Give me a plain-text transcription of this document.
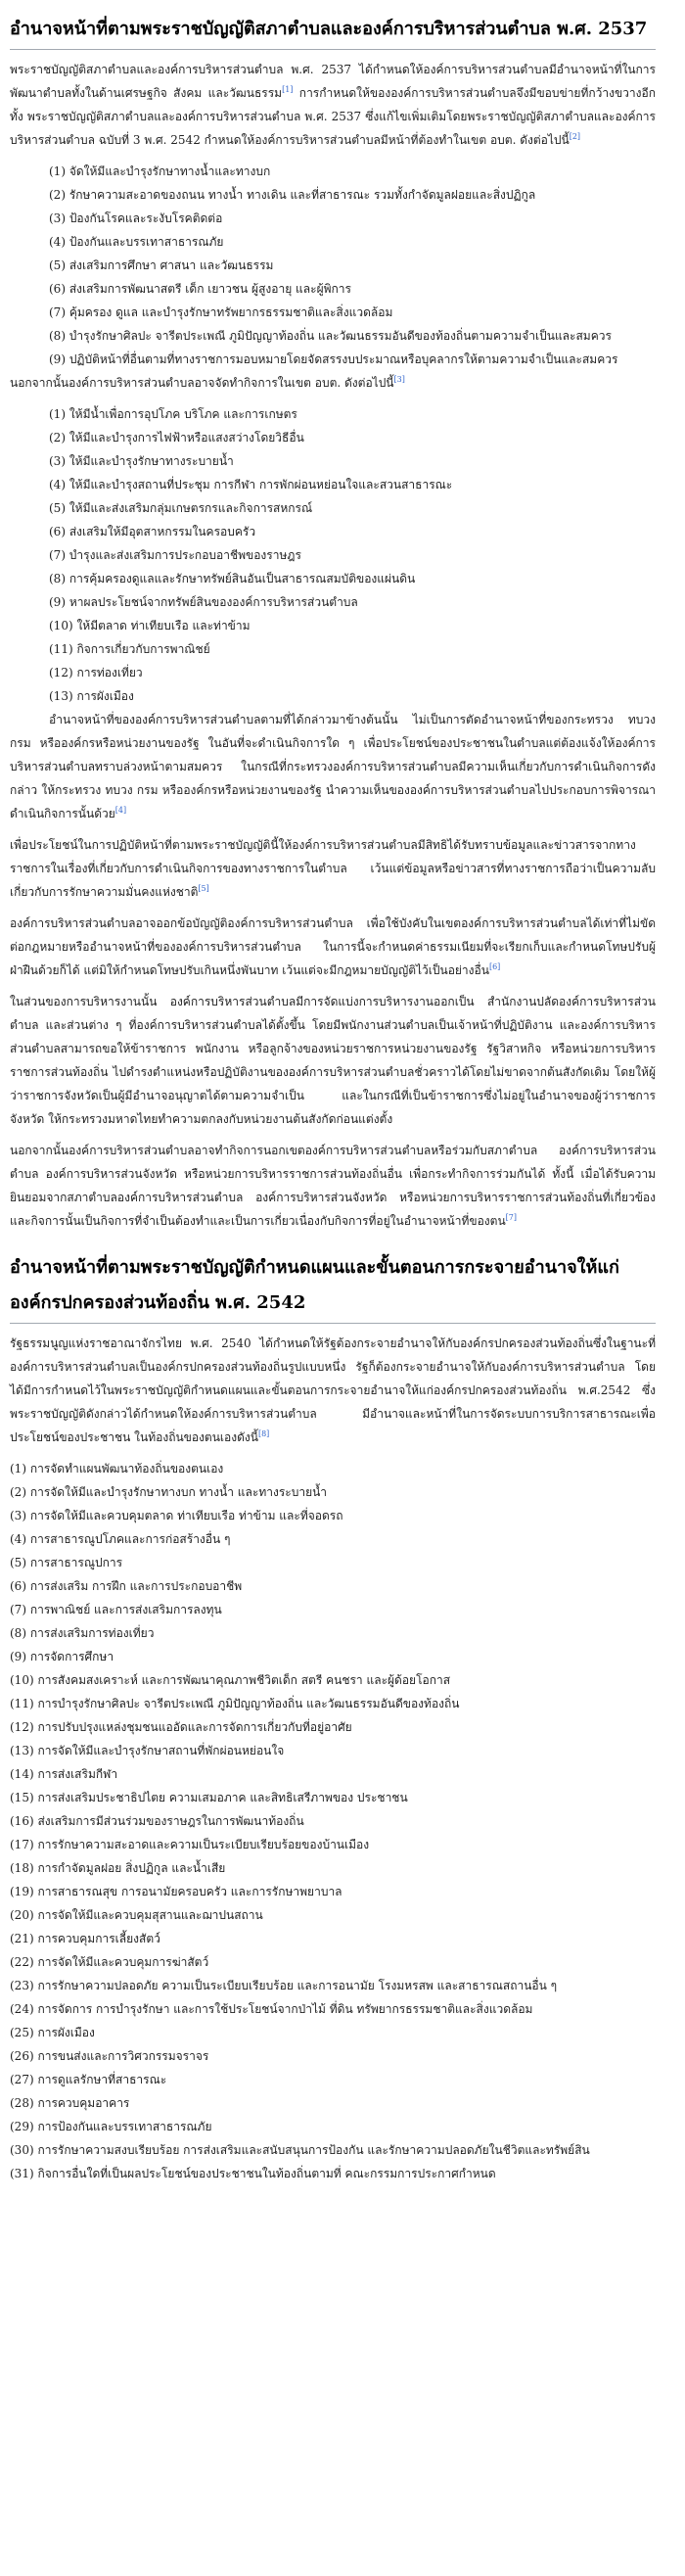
อำนาจหน้าที่ตามพระราชบัญญัติสภาตำบลและองค์การบริหารส่วนตำบล พ.ศ. 2537

พระราชบัญญัติสภาตำบลและองค์การบริหารส่วนตำบล พ.ศ. 2537 ได้กำหนดให้องค์การบริหารส่วนตำบลมีอำนาจหน้าที่ในการพัฒนาตำบลทั้งในด้านเศรษฐกิจ สังคม และวัฒนธรรม[1] การกำหนดให้ขององค์การบริหารส่วนตำบลจึงมีขอบข่ายที่กว้างขวางอีกทั้ง พระราชบัญญัติสภาตำบลและองค์การบริหารส่วนตำบล พ.ศ. 2537 ซึ่งแก้ไขเพิ่มเติมโดยพระราชบัญญัติสภาตำบลและองค์การบริหารส่วนตำบล ฉบับที่ 3 พ.ศ. 2542 กำหนดให้องค์การบริหารส่วนตำบลมีหน้าที่ต้องทำในเขต อบต. ดังต่อไปนี้[2]

(1) จัดให้มีและบำรุงรักษาทางน้ำและทางบก
(2) รักษาความสะอาดของถนน ทางน้ำ ทางเดิน และที่สาธารณะ รวมทั้งกำจัดมูลฝอยและสิ่งปฏิกูล
(3) ป้องกันโรคและระงับโรคติดต่อ
(4) ป้องกันและบรรเทาสาธารณภัย
(5) ส่งเสริมการศึกษา ศาสนา และวัฒนธรรม
(6) ส่งเสริมการพัฒนาสตรี เด็ก เยาวชน ผู้สูงอายุ และผู้พิการ
(7) คุ้มครอง ดูแล และบำรุงรักษาทรัพยากรธรรมชาติและสิ่งแวดล้อม
(8) บำรุงรักษาศิลปะ จารีตประเพณี ภูมิปัญญาท้องถิ่น และวัฒนธรรมอันดีของท้องถิ่นตามความจำเป็นและสมควร
(9) ปฏิบัติหน้าที่อื่นตามที่ทางราชการมอบหมายโดยจัดสรรงบประมาณหรือบุคลากรให้ตามความจำเป็นและสมควร

นอกจากนั้นองค์การบริหารส่วนตำบลอาจจัดทำกิจการในเขต อบต. ดังต่อไปนี้[3]

(1) ให้มีน้ำเพื่อการอุปโภค บริโภค และการเกษตร
(2) ให้มีและบำรุงการไฟฟ้าหรือแสงสว่างโดยวิธีอื่น
(3) ให้มีและบำรุงรักษาทางระบายน้ำ
(4) ให้มีและบำรุงสถานที่ประชุม การกีฬา การพักผ่อนหย่อนใจและสวนสาธารณะ
(5) ให้มีและส่งเสริมกลุ่มเกษตรกรและกิจการสหกรณ์
(6) ส่งเสริมให้มีอุตสาหกรรมในครอบครัว
(7) บำรุงและส่งเสริมการประกอบอาชีพของราษฎร
(8) การคุ้มครองดูแลและรักษาทรัพย์สินอันเป็นสาธารณสมบัติของแผ่นดิน
(9) หาผลประโยชน์จากทรัพย์สินขององค์การบริหารส่วนตำบล
(10) ให้มีตลาด ท่าเทียบเรือ และท่าข้าม
(11) กิจการเกี่ยวกับการพาณิชย์
(12) การท่องเที่ยว
(13) การผังเมือง

อำนาจหน้าที่ขององค์การบริหารส่วนตำบลตามที่ได้กล่าวมาข้างต้นนั้น ไม่เป็นการตัดอำนาจหน้าที่ของกระทรวง ทบวง กรม หรือองค์กรหรือหน่วยงานของรัฐ ในอันที่จะดำเนินกิจการใด ๆ เพื่อประโยชน์ของประชาชนในตำบลแต่ต้องแจ้งให้องค์การบริหารส่วนตำบลทราบล่วงหน้าตามสมควร ในกรณีที่กระทรวงองค์การบริหารส่วนตำบลมีความเห็นเกี่ยวกับการดำเนินกิจการดังกล่าว ให้กระทรวง ทบวง กรม หรือองค์กรหรือหน่วยงานของรัฐ นำความเห็นขององค์การบริหารส่วนตำบลไปประกอบการพิจารณาดำเนินกิจการนั้นด้วย[4]

เพื่อประโยชน์ในการปฏิบัติหน้าที่ตามพระราชบัญญัตินี้ให้องค์การบริหารส่วนตำบลมีสิทธิได้รับทราบข้อมูลและข่าวสารจากทางราชการในเรื่องที่เกี่ยวกับการดำเนินกิจการของทางราชการในตำบล เว้นแต่ข้อมูลหรือข่าวสารที่ทางราชการถือว่าเป็นความลับเกี่ยวกับการรักษาความมั่นคงแห่งชาติ[5]

องค์การบริหารส่วนตำบลอาจออกข้อบัญญัติองค์การบริหารส่วนตำบล เพื่อใช้บังคับในเขตองค์การบริหารส่วนตำบลได้เท่าที่ไม่ขัดต่อกฎหมายหรืออำนาจหน้าที่ขององค์การบริหารส่วนตำบล ในการนี้จะกำหนดค่าธรรมเนียมที่จะเรียกเก็บและกำหนดโทษปรับผู้ฝ่าฝืนด้วยก็ได้ แต่มิให้กำหนดโทษปรับเกินหนึ่งพันบาท เว้นแต่จะมีกฎหมายบัญญัติไว้เป็นอย่างอื่น[6]

ในส่วนของการบริหารงานนั้น องค์การบริหารส่วนตำบลมีการจัดแบ่งการบริหารงานออกเป็น สำนักงานปลัดองค์การบริหารส่วนตำบล และส่วนต่าง ๆ ที่องค์การบริหารส่วนตำบลได้ตั้งขึ้น โดยมีพนักงานส่วนตำบลเป็นเจ้าหน้าที่ปฏิบัติงาน และองค์การบริหารส่วนตำบลสามารถขอให้ข้าราชการ พนักงาน หรือลูกจ้างของหน่วยราชการหน่วยงานของรัฐ รัฐวิสาหกิจ หรือหน่วยการบริหารราชการส่วนท้องถิ่น ไปดำรงตำแหน่งหรือปฏิบัติงานขององค์การบริหารส่วนตำบลชั่วคราวได้โดยไม่ขาดจากต้นสังกัดเดิม โดยให้ผู้ว่าราชการจังหวัดเป็นผู้มีอำนาจอนุญาตได้ตามความจำเป็น และในกรณีที่เป็นข้าราชการซึ่งไม่อยู่ในอำนาจของผู้ว่าราชการจังหวัด ให้กระทรวงมหาดไทยทำความตกลงกับหน่วยงานต้นสังกัดก่อนแต่งตั้ง

นอกจากนั้นองค์การบริหารส่วนตำบลอาจทำกิจการนอกเขตองค์การบริหารส่วนตำบลหรือร่วมกับสภาตำบล องค์การบริหารส่วนตำบล องค์การบริหารส่วนจังหวัด หรือหน่วยการบริหารราชการส่วนท้องถิ่นอื่น เพื่อกระทำกิจการร่วมกันได้ ทั้งนี้ เมื่อได้รับความยินยอมจากสภาตำบลองค์การบริหารส่วนตำบล องค์การบริหารส่วนจังหวัด หรือหน่วยการบริหารราชการส่วนท้องถิ่นที่เกี่ยวข้อง และกิจการนั้นเป็นกิจการที่จำเป็นต้องทำและเป็นการเกี่ยวเนื่องกับกิจการที่อยู่ในอำนาจหน้าที่ของตน[7]

อำนาจหน้าที่ตามพระราชบัญญัติกำหนดแผนและขั้นตอนการกระจายอำนาจให้แก่องค์กรปกครองส่วนท้องถิ่น พ.ศ. 2542

รัฐธรรมนูญแห่งราชอาณาจักรไทย พ.ศ. 2540 ได้กำหนดให้รัฐต้องกระจายอำนาจให้กับองค์กรปกครองส่วนท้องถิ่นซึ่งในฐานะที่องค์การบริหารส่วนตำบลเป็นองค์กรปกครองส่วนท้องถิ่นรูปแบบหนึ่ง รัฐก็ต้องกระจายอำนาจให้กับองค์การบริหารส่วนตำบล โดยได้มีการกำหนดไว้ในพระราชบัญญัติกำหนดแผนและขั้นตอนการกระจายอำนาจให้แก่องค์กรปกครองส่วนท้องถิ่น พ.ศ.2542 ซึ่งพระราชบัญญัติดังกล่าวได้กำหนดให้องค์การบริหารส่วนตำบล มีอำนาจและหน้าที่ในการจัดระบบการบริการสาธารณะเพื่อประโยชน์ของประชาชน ในท้องถิ่นของตนเองดังนี้[8]

(1) การจัดทำแผนพัฒนาท้องถิ่นของตนเอง
(2) การจัดให้มีและบำรุงรักษาทางบก ทางน้ำ และทางระบายน้ำ
(3) การจัดให้มีและควบคุมตลาด ท่าเทียบเรือ ท่าข้าม และที่จอดรถ
(4) การสาธารณูปโภคและการก่อสร้างอื่น ๆ
(5) การสาธารณูปการ
(6) การส่งเสริม การฝึก และการประกอบอาชีพ
(7) การพาณิชย์ และการส่งเสริมการลงทุน
(8) การส่งเสริมการท่องเที่ยว
(9) การจัดการศึกษา
(10) การสังคมสงเคราะห์ และการพัฒนาคุณภาพชีวิตเด็ก สตรี คนชรา และผู้ด้อยโอกาส
(11) การบำรุงรักษาศิลปะ จารีตประเพณี ภูมิปัญญาท้องถิ่น และวัฒนธรรมอันดีของท้องถิ่น
(12) การปรับปรุงแหล่งชุมชนแออัดและการจัดการเกี่ยวกับที่อยู่อาศัย
(13) การจัดให้มีและบำรุงรักษาสถานที่พักผ่อนหย่อนใจ
(14) การส่งเสริมกีฬา
(15) การส่งเสริมประชาธิปไตย ความเสมอภาค และสิทธิเสรีภาพของ ประชาชน
(16) ส่งเสริมการมีส่วนร่วมของราษฎรในการพัฒนาท้องถิ่น
(17) การรักษาความสะอาดและความเป็นระเบียบเรียบร้อยของบ้านเมือง
(18) การกำจัดมูลฝอย สิ่งปฏิกูล และน้ำเสีย
(19) การสาธารณสุข การอนามัยครอบครัว และการรักษาพยาบาล
(20) การจัดให้มีและควบคุมสุสานและฌาปนสถาน
(21) การควบคุมการเลี้ยงสัตว์
(22) การจัดให้มีและควบคุมการฆ่าสัตว์
(23) การรักษาความปลอดภัย ความเป็นระเบียบเรียบร้อย และการอนามัย โรงมหรสพ และสาธารณสถานอื่น ๆ
(24) การจัดการ การบำรุงรักษา และการใช้ประโยชน์จากป่าไม้ ที่ดิน ทรัพยากรธรรมชาติและสิ่งแวดล้อม
(25) การผังเมือง
(26) การขนส่งและการวิศวกรรมจราจร
(27) การดูแลรักษาที่สาธารณะ
(28) การควบคุมอาคาร
(29) การป้องกันและบรรเทาสาธารณภัย
(30) การรักษาความสงบเรียบร้อย การส่งเสริมและสนับสนุนการป้องกัน และรักษาความปลอดภัยในชีวิตและทรัพย์สิน
(31) กิจการอื่นใดที่เป็นผลประโยชน์ของประชาชนในท้องถิ่นตามที่ คณะกรรมการประกาศกำหนด
